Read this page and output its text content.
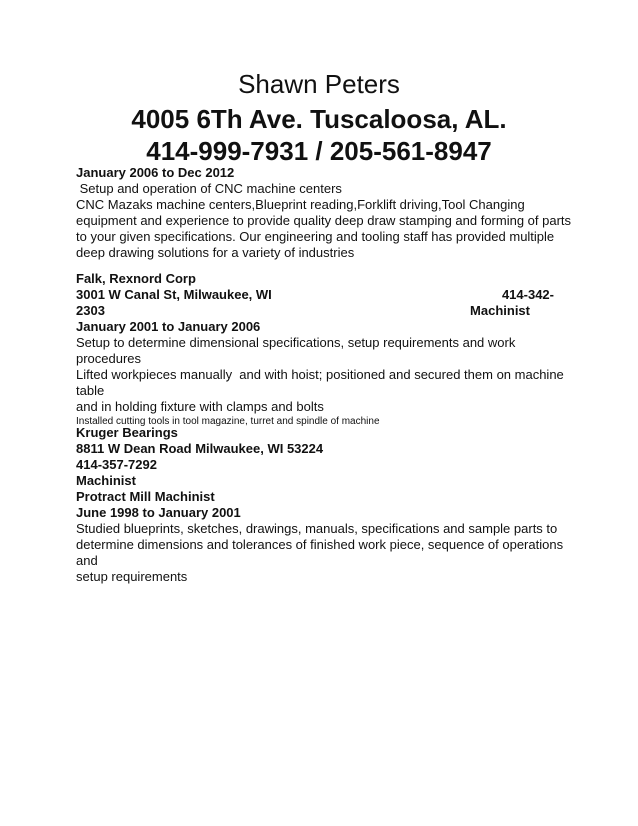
Shawn Peters
4005 6Th Ave. Tuscaloosa, AL.
414-999-7931 / 205-561-8947
January 2006 to Dec 2012
Setup and operation of CNC machine centers
CNC Mazaks machine centers,Blueprint reading,Forklift driving,Tool Changing
equipment and experience to provide quality deep draw stamping and forming of parts
to your given specifications. Our engineering and tooling staff has provided multiple
deep drawing solutions for a variety of industries
Falk, Rexnord Corp
3001 W Canal St, Milwaukee, WI	414-342-
2303	Machinist
January 2001 to January 2006
Setup to determine dimensional specifications, setup requirements and work
procedures
Lifted workpieces manually  and with hoist; positioned and secured them on machine
table
and in holding fixture with clamps and bolts
Installed cutting tools in tool magazine, turret and spindle of machine
Kruger Bearings
8811 W Dean Road Milwaukee, WI 53224
414-357-7292
Machinist
Protract Mill Machinist
June 1998 to January 2001
Studied blueprints, sketches, drawings, manuals, specifications and sample parts to
determine dimensions and tolerances of finished work piece, sequence of operations
and
setup requirements
